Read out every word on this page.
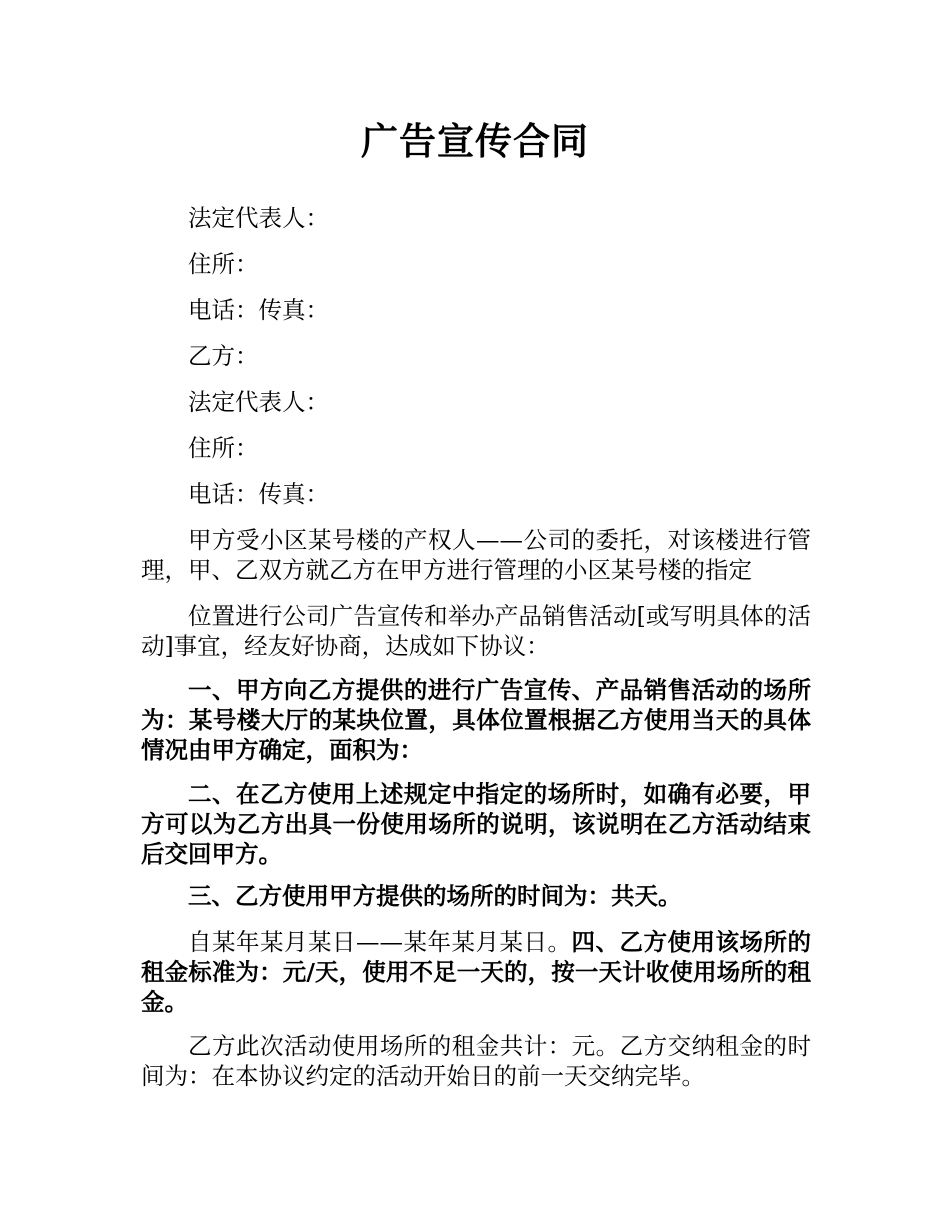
广告宣传合同

法定代表人：

住所：

电话：传真：

乙方：

法定代表人：

住所：

电话：传真：

甲方受小区某号楼的产权人——公司的委托，对该楼进行管理，甲、乙双方就乙方在甲方进行管理的小区某号楼的指定

位置进行公司广告宣传和举办产品销售活动[或写明具体的活动]事宜，经友好协商，达成如下协议：

一、甲方向乙方提供的进行广告宣传、产品销售活动的场所为：某号楼大厅的某块位置，具体位置根据乙方使用当天的具体情况由甲方确定，面积为：

二、在乙方使用上述规定中指定的场所时，如确有必要，甲方可以为乙方出具一份使用场所的说明，该说明在乙方活动结束后交回甲方。

三、乙方使用甲方提供的场所的时间为：共天。

自某年某月某日——某年某月某日。四、乙方使用该场所的租金标准为：元/天，使用不足一天的，按一天计收使用场所的租金。

乙方此次活动使用场所的租金共计：元。乙方交纳租金的时间为：在本协议约定的活动开始日的前一天交纳完毕。
